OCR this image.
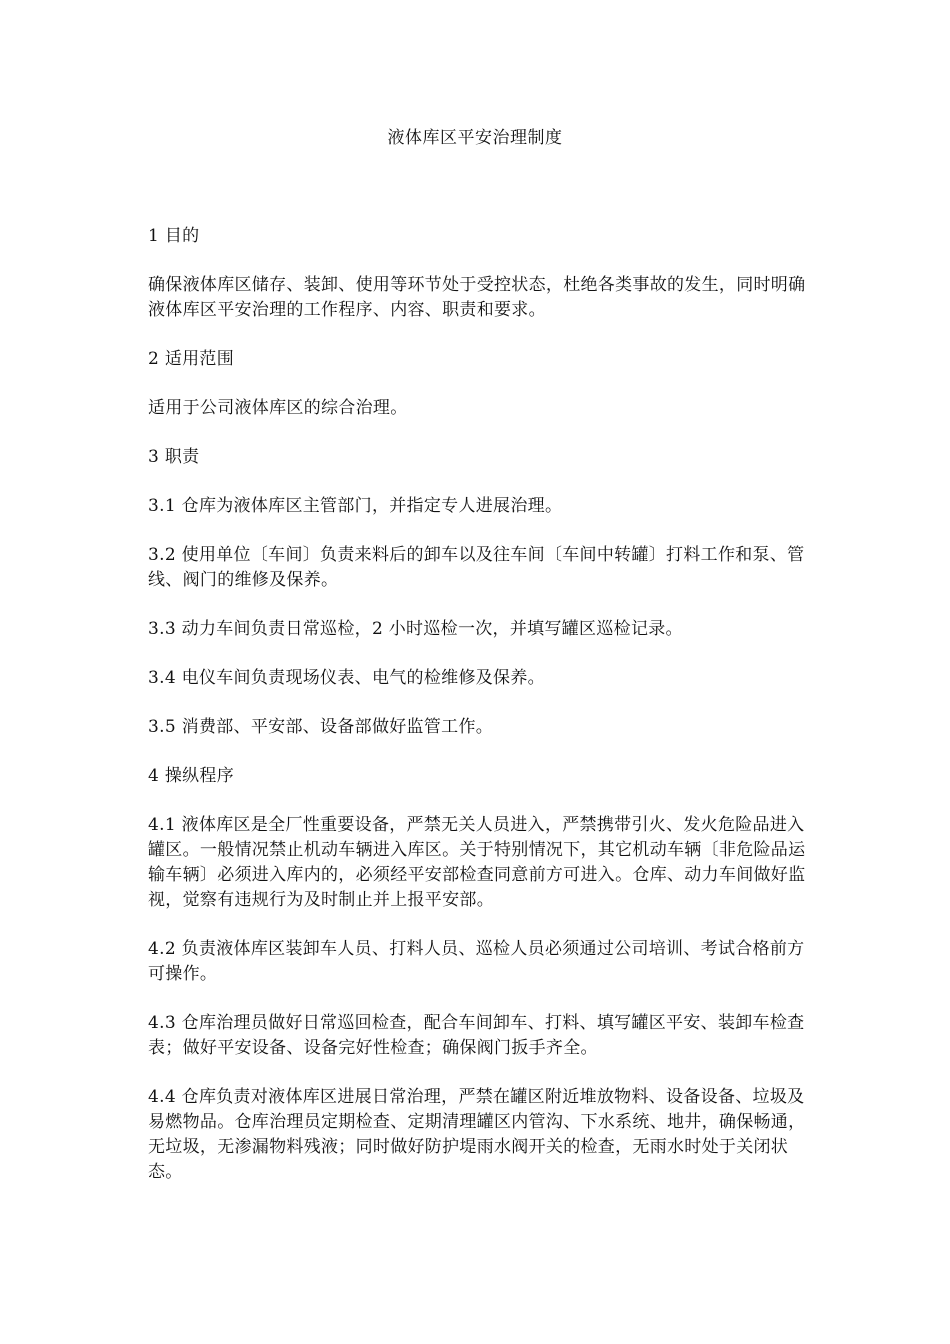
液体库区平安治理制度

1 目的

确保液体库区储存、装卸、使用等环节处于受控状态，杜绝各类事故的发生，同时明确液体库区平安治理的工作程序、内容、职责和要求。

2 适用范围

适用于公司液体库区的综合治理。

3 职责

3.1 仓库为液体库区主管部门，并指定专人进展治理。

3.2 使用单位〔车间〕负责来料后的卸车以及往车间〔车间中转罐〕打料工作和泵、管线、阀门的维修及保养。

3.3 动力车间负责日常巡检，2 小时巡检一次，并填写罐区巡检记录。

3.4 电仪车间负责现场仪表、电气的检维修及保养。

3.5 消费部、平安部、设备部做好监管工作。

4 操纵程序

4.1 液体库区是全厂性重要设备，严禁无关人员进入，严禁携带引火、发火危险品进入罐区。一般情况禁止机动车辆进入库区。关于特别情况下，其它机动车辆〔非危险品运输车辆〕必须进入库内的，必须经平安部检查同意前方可进入。仓库、动力车间做好监视，觉察有违规行为及时制止并上报平安部。

4.2 负责液体库区装卸车人员、打料人员、巡检人员必须通过公司培训、考试合格前方可操作。

4.3 仓库治理员做好日常巡回检查，配合车间卸车、打料、填写罐区平安、装卸车检查表；做好平安设备、设备完好性检查；确保阀门扳手齐全。

4.4 仓库负责对液体库区进展日常治理，严禁在罐区附近堆放物料、设备设备、垃圾及易燃物品。仓库治理员定期检查、定期清理罐区内管沟、下水系统、地井，确保畅通，无垃圾，无渗漏物料残液；同时做好防护堤雨水阀开关的检查，无雨水时处于关闭状态。
